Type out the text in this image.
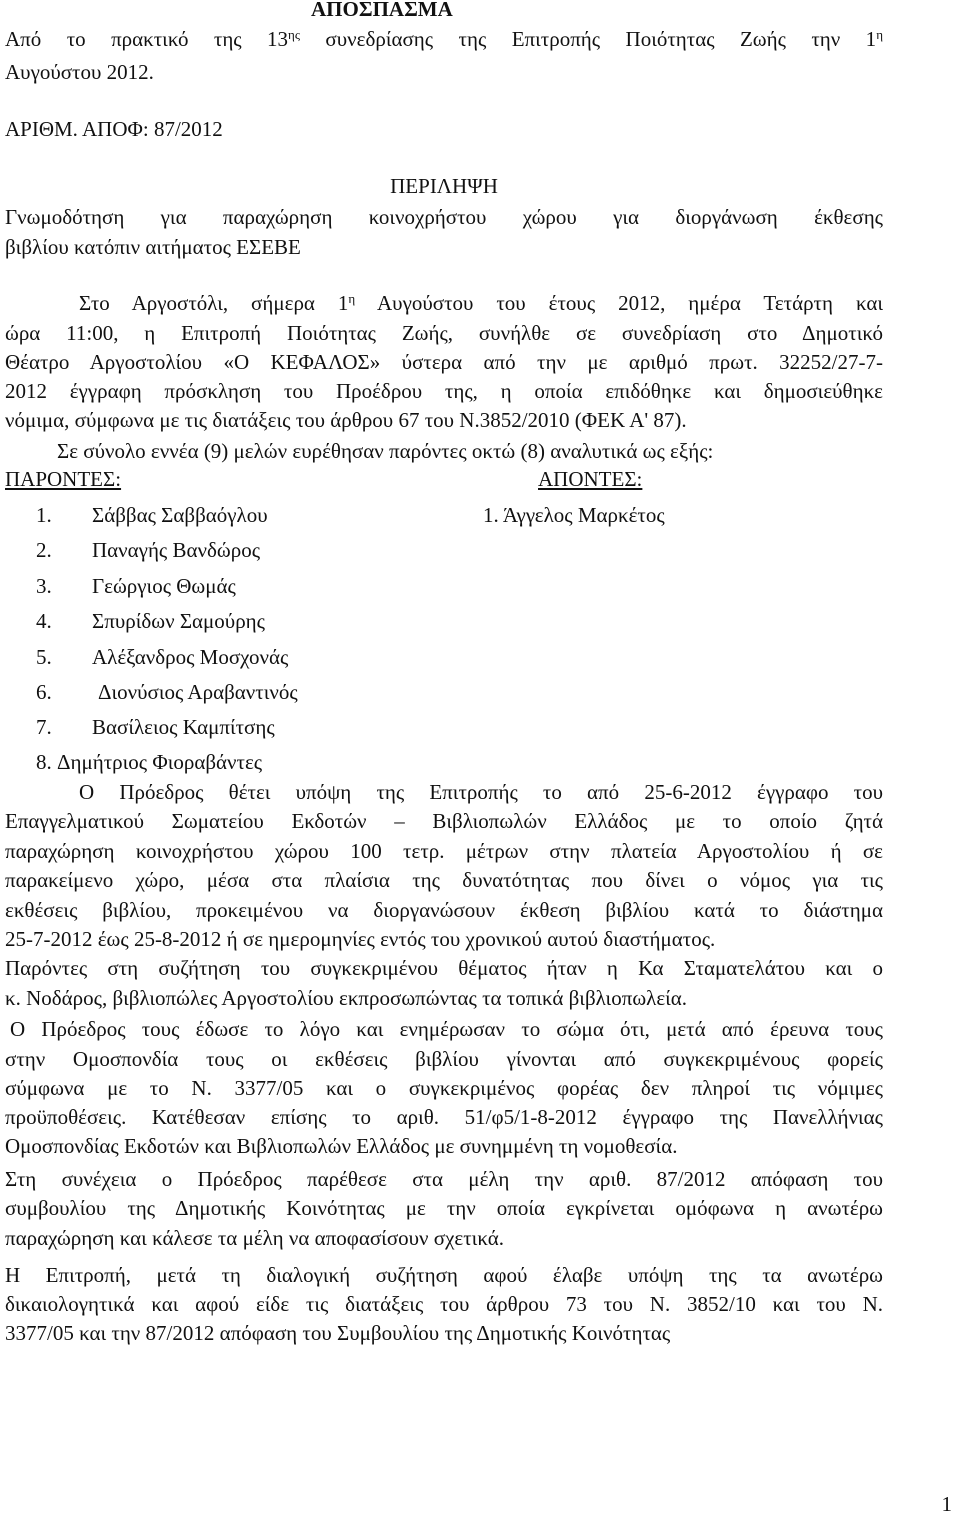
ΑΠΟΣΠΑΣΜΑ
Από το πρακτικό της $13^{\eta\varsigma}$ συνεδρίασης της Επιτροπής Ποιότητας Ζωής την $1^\eta$
Αυγούστου 2012.
ΑΡΙΘΜ. ΑΠΟΦ: 87/2012
ΠΕΡΙΛΗΨΗ
Γνωμοδότηση για παραχώρηση κοινοχρήστου χώρου για διοργάνωση έκθεσης
βιβλίου κατόπιν αιτήματος ΕΣΕΒΕ
Στο Αργοστόλι, σήμερα $1^\eta$ Αυγούστου του έτους 2012, ημέρα Τετάρτη και
ώρα 11:00, η Επιτροπή Ποιότητας Ζωής, συνήλθε σε συνεδρίαση στο Δημοτικό
Θέατρο Αργοστολίου «Ο ΚΕΦΑΛΟΣ» ύστερα από την με αριθμό πρωτ. 32252/27-7-
2012 έγγραφη πρόσκληση του Προέδρου της, η οποία επιδόθηκε και δημοσιεύθηκε
νόμιμα, σύμφωνα με τις διατάξεις του άρθρου 67 του Ν.3852/2010 (ΦΕΚ Α' 87).
Σε σύνολο εννέα (9) μελών ευρέθησαν παρόντες οκτώ (8) αναλυτικά ως εξής:
ΠΑΡΟΝΤΕΣ:	ΑΠΟΝΤΕΣ:
1. Σάββας Σαββαόγλου
2. Παναγής Βανδώρος
3. Γεώργιος Θωμάς
4. Σπυρίδων Σαμούρης
5. Αλέξανδρος Μοσχονάς
6. Διονύσιος Αραβαντινός
7. Βασίλειος Καμπίτσης
8. Δημήτριος Φιοραβάντες
1. Άγγελος Μαρκέτος
Ο Πρόεδρος θέτει υπόψη της Επιτροπής το από 25-6-2012 έγγραφο του
Επαγγελματικού Σωματείου Εκδοτών – Βιβλιοπωλών Ελλάδος με το οποίο ζητά
παραχώρηση κοινοχρήστου χώρου 100 τετρ. μέτρων στην πλατεία Αργοστολίου ή σε
παρακείμενο χώρο, μέσα στα πλαίσια της δυνατότητας που δίνει ο νόμος για τις
εκθέσεις βιβλίου, προκειμένου να διοργανώσουν έκθεση βιβλίου κατά το διάστημα
25-7-2012 έως 25-8-2012 ή σε ημερομηνίες εντός του χρονικού αυτού διαστήματος.
Παρόντες στη συζήτηση του συγκεκριμένου θέματος ήταν η Κα Σταματελάτου και ο
κ. Νοδάρος, βιβλιοπώλες Αργοστολίου εκπροσωπώντας τα τοπικά βιβλιοπωλεία.
Ο Πρόεδρος τους έδωσε το λόγο και ενημέρωσαν το σώμα ότι, μετά από έρευνα τους
στην Ομοσπονδία τους οι εκθέσεις βιβλίου γίνονται από συγκεκριμένους φορείς
σύμφωνα με το Ν. 3377/05 και ο συγκεκριμένος φορέας δεν πληροί τις νόμιμες
προϋποθέσεις. Κατέθεσαν επίσης το αριθ. 51/φ5/1-8-2012 έγγραφο της Πανελλήνιας
Ομοσπονδίας Εκδοτών και Βιβλιοπωλών Ελλάδος με συνημμένη τη νομοθεσία.
Στη συνέχεια ο Πρόεδρος παρέθεσε στα μέλη την αριθ. 87/2012 απόφαση του
συμβουλίου της Δημοτικής Κοινότητας με την οποία εγκρίνεται ομόφωνα η ανωτέρω
παραχώρηση και κάλεσε τα μέλη να αποφασίσουν σχετικά.
Η Επιτροπή, μετά τη διαλογική συζήτηση αφού έλαβε υπόψη της τα ανωτέρω
δικαιολογητικά και αφού είδε τις διατάξεις του άρθρου 73 του Ν. 3852/10 και του Ν.
3377/05 και την 87/2012 απόφαση του Συμβουλίου της Δημοτικής Κοινότητας
1
